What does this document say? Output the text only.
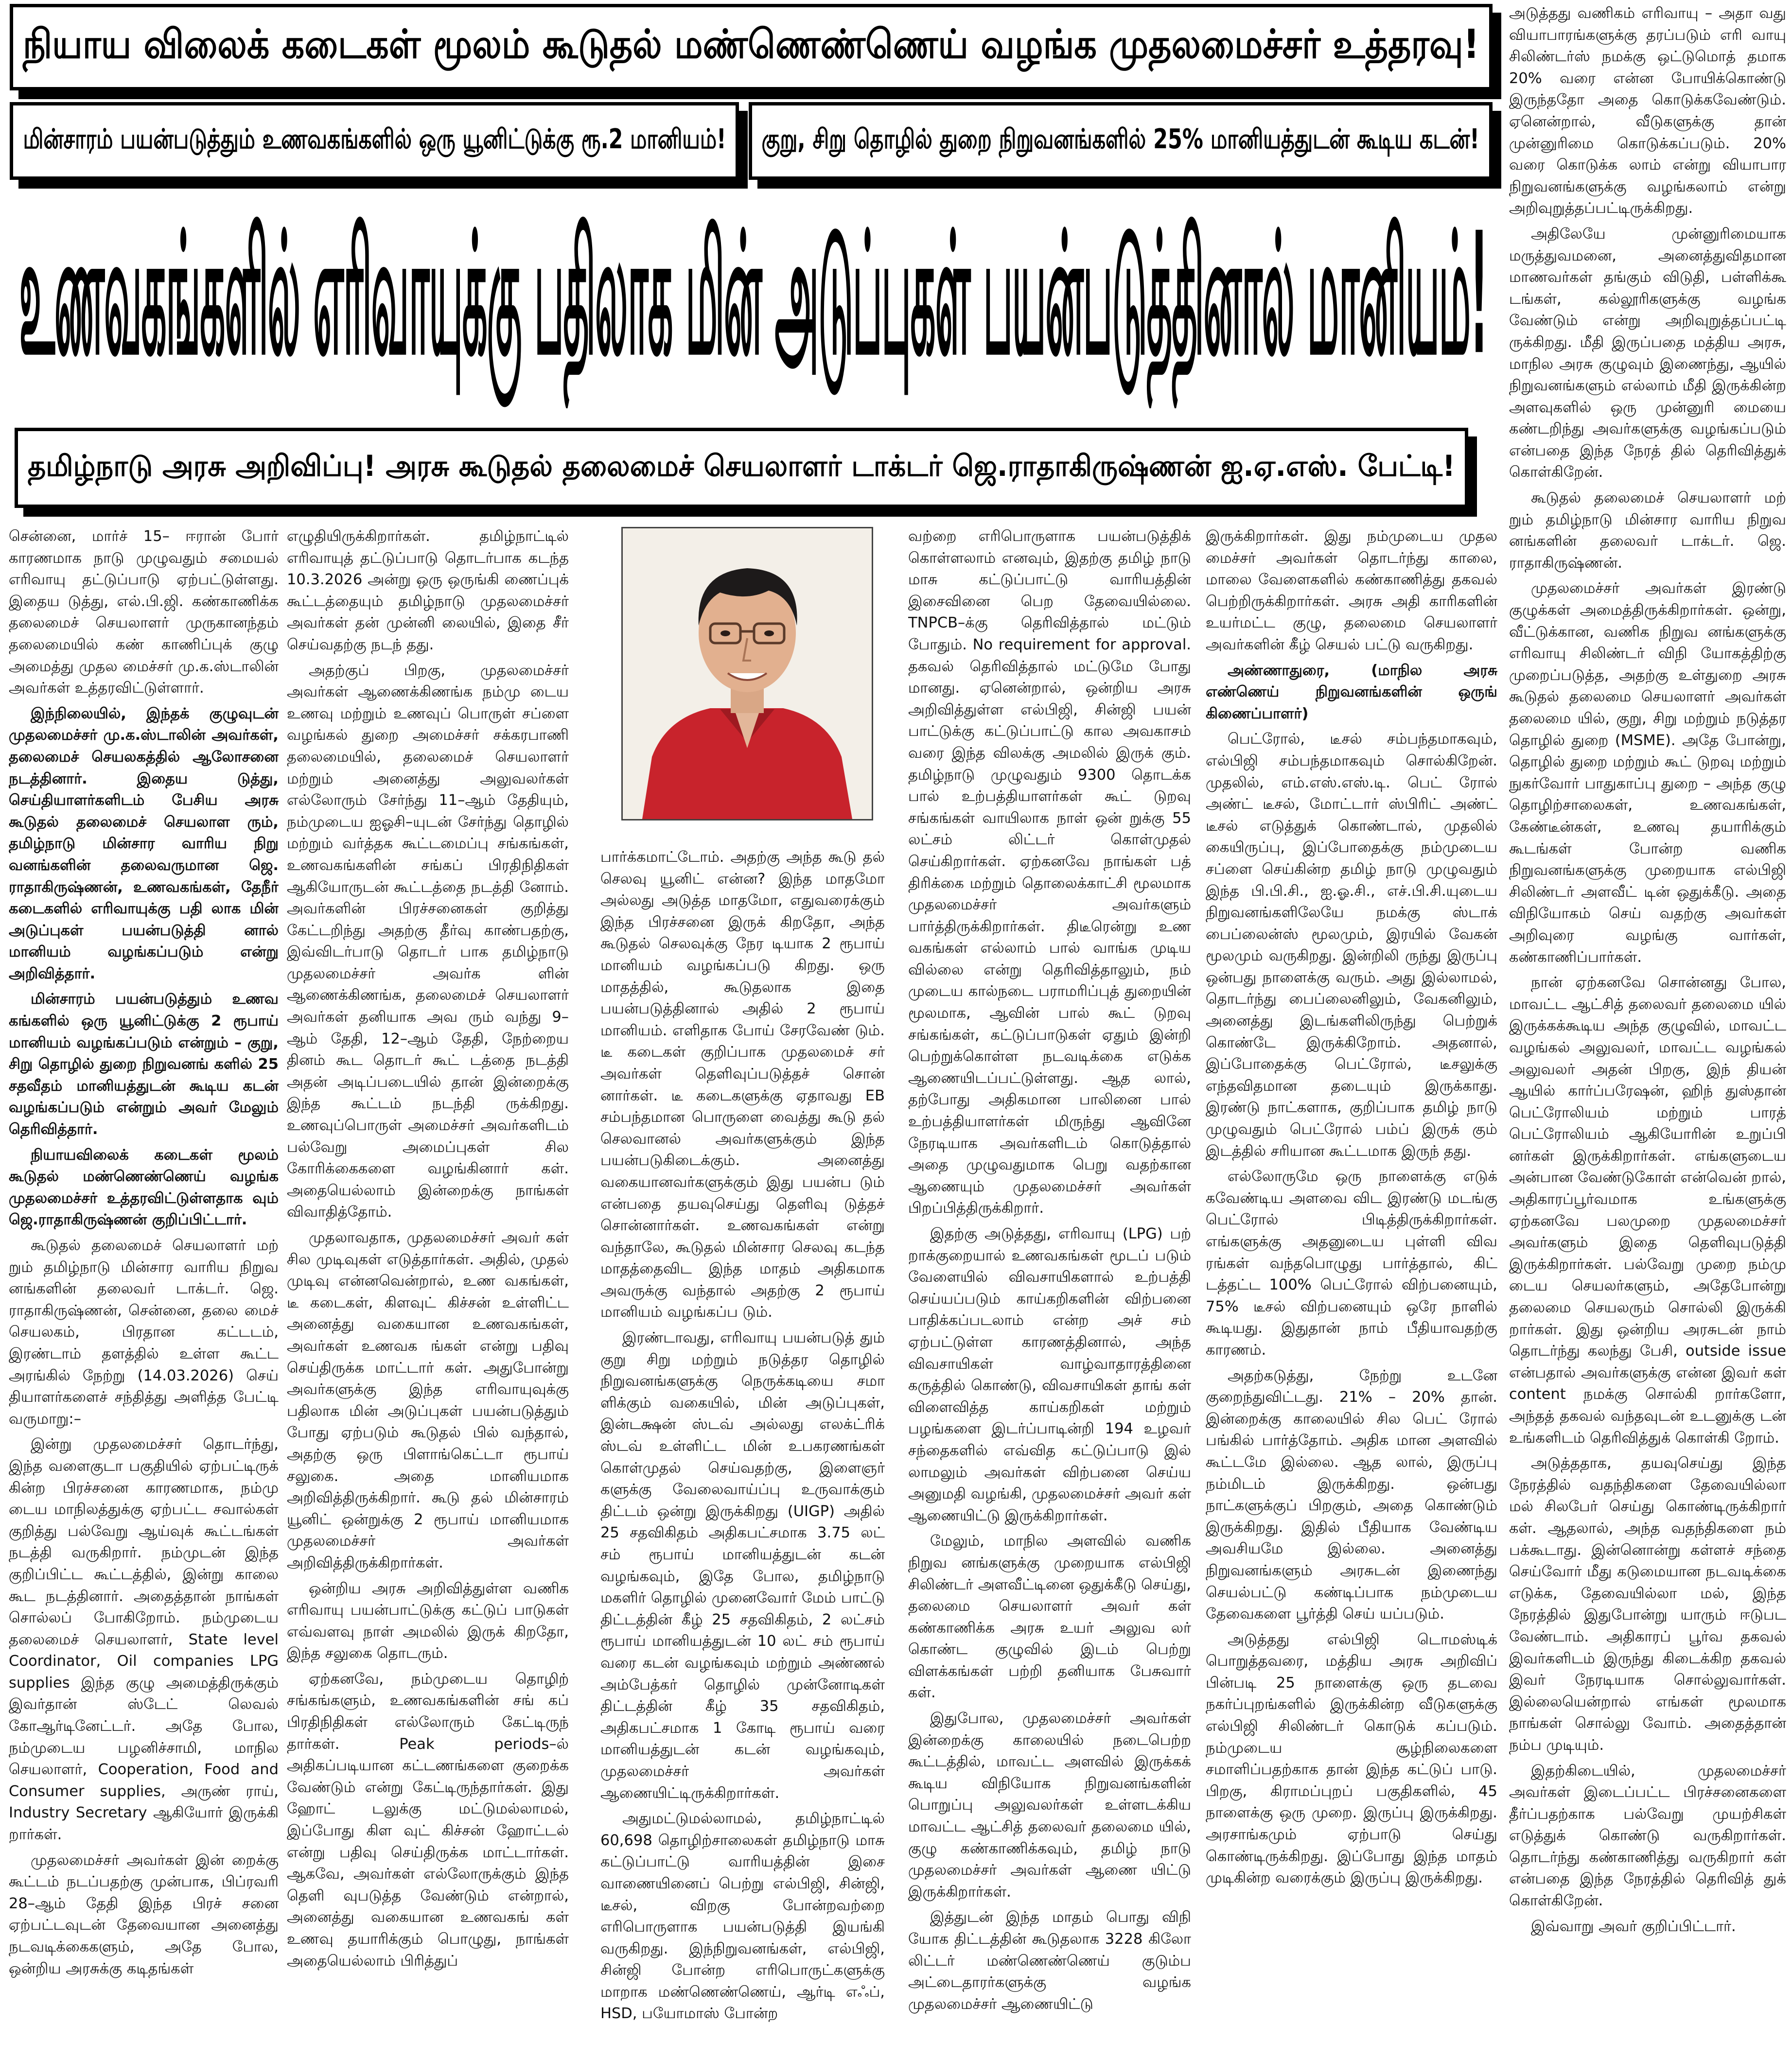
நியாய விலைக் கடைகள் மூலம் கூடுதல் மண்ணெண்ணெய் வழங்க முதலமைச்சர் உத்தரவு!
மின்சாரம் பயன்படுத்தும் உணவகங்களில் ஒரு யூனிட்டுக்கு ரூ.2 மானியம்! குறு, சிறு தொழில் துறை நிறுவனங்களில் 25% மானியத்துடன் கூடிய கடன்!
உணவகங்களில் எரிவாயுக்கு பதிலாக மின் அடுப்புகள் பயன்படுத்தினால் மானியம்!
தமிழ்நாடு அரசு அறிவிப்பு! அரசு கூடுதல் தலைமைச் செயலாளர் டாக்டர் ஜெ.ராதாகிருஷ்ணன் ஐ.ஏ.எஸ். பேட்டி!

சென்னை, மார்ச் 15– ஈரான் போர் காரணமாக நாடு முழுவதும் சமையல் எரிவாயு தட்டுப்பாடு ஏற்பட்டுள்ளது. இதைய டுத்து, எல்.பி.ஜி. கண்காணிக்க தலைமைச் செயலாளர் முருகானந்தம் தலைமையில் கண் காணிப்புக் குழு அமைத்து முதல மைச்சர் மு.க.ஸ்டாலின் அவர்கள் உத்தரவிட்டுள்ளார்.

இந்நிலையில், இந்தக் குழுவுடன் முதலமைச்சர் மு.க.ஸ்டாலின் அவர்கள், தலைமைச் செயலகத்தில் ஆலோசனை நடத்தினார். இதைய டுத்து, செய்தியாளர்களிடம் பேசிய அரசு கூடுதல் தலைமைச் செயலாள ரும், தமிழ்நாடு மின்சார வாரிய நிறு வனங்களின் தலைவருமான ஜெ. ராதாகிருஷ்ணன், உணவகங்கள், தேநீர் கடைகளில் எரிவாயுக்கு பதி லாக மின் அடுப்புகள் பயன்படுத்தி னால் மானியம் வழங்கப்படும் என்று அறிவித்தார்.

மின்சாரம் பயன்படுத்தும் உணவ கங்களில் ஒரு யூனிட்டுக்கு 2 ரூபாய் மானியம் வழங்கப்படும் என்றும் – குறு, சிறு தொழில் துறை நிறுவனங் களில் 25 சதவீதம் மானியத்துடன் கூடிய கடன் வழங்கப்படும் என்றும் அவர் மேலும் தெரிவித்தார்.

நியாயவிலைக் கடைகள் மூலம் கூடுதல் மண்ணெண்ணெய் வழங்க முதலமைச்சர் உத்தரவிட்டுள்ளதாக வும் ஜெ.ராதாகிருஷ்ணன் குறிப்பிட்டார்.

கூடுதல் தலைமைச் செயலாளர் மற் றும் தமிழ்நாடு மின்சார வாரிய நிறுவ னங்களின் தலைவர் டாக்டர். ஜெ. ராதாகிருஷ்ணன், சென்னை, தலை மைச் செயலகம், பிரதான கட்டடம், இரண்டாம் தளத்தில் உள்ள கூட்ட அரங்கில் நேற்று (14.03.2026) செய் தியாளர்களைச் சந்தித்து அளித்த பேட்டி வருமாறு:–

இன்று முதலமைச்சர் தொடர்ந்து, இந்த வளைகுடா பகுதியில் ஏற்பட்டிருக் கின்ற பிரச்சனை காரணமாக, நம்மு டைய மாநிலத்துக்கு ஏற்பட்ட சவால்கள் குறித்து பல்வேறு ஆய்வுக் கூட்டங்கள் நடத்தி வருகிறார். நம்முடன் இந்த குறிப்பிட்ட கூட்டத்தில், இன்று காலை கூட நடத்தினார். அதைத்தான் நாங்கள் சொல்லப் போகிறோம். நம்முடைய தலைமைச் செயலாளர், State level Coordinator, Oil companies LPG supplies இந்த குழு அமைத்திருக்கும் இவர்தான் ஸ்டேட் லெவல் கோஆர்டினேட்டர். அதே போல, நம்முடைய பழனிச்சாமி, மாநில செயலாளர், Cooperation, Food and Consumer supplies, அருண் ராய், Industry Secretary ஆகியோர் இருக்கி றார்கள்.

முதலமைச்சர் அவர்கள் இன் றைக்கு கூட்டம் நடப்பதற்கு முன்பாக, பிப்ரவரி 28–ஆம் தேதி இந்த பிரச் சனை ஏற்பட்டவுடன் தேவையான அனைத்து நடவடிக்கைகளும், அதே போல, ஒன்றிய அரசுக்கு கடிதங்கள்

எழுதியிருக்கிறார்கள். தமிழ்நாட்டில் எரிவாயுத் தட்டுப்பாடு தொடர்பாக கடந்த 10.3.2026 அன்று ஒரு ஒருங்கி ணைப்புக் கூட்டத்தையும் தமிழ்நாடு முதலமைச்சர் அவர்கள் தன் முன்னி லையில், இதை சீர் செய்வதற்கு நடந் தது.

அதற்குப் பிறகு, முதலமைச்சர் அவர்கள் ஆணைக்கிணங்க நம்மு டைய உணவு மற்றும் உணவுப் பொருள் சப்ளை வழங்கல் துறை அமைச்சர் சக்கரபாணி தலைமையில், தலைமைச் செயலாளர் மற்றும் அனைத்து அலுவலர்கள் எல்லோரும் சேர்ந்து 11–ஆம் தேதியும், நம்முடைய ஐஓசி–யுடன் சேர்ந்து தொழில் மற்றும் வர்த்தக கூட்டமைப்பு சங்கங்கள், உணவகங்களின் சங்கப் பிரதிநிதிகள் ஆகியோருடன் கூட்டத்தை நடத்தி னோம். அவர்களின் பிரச்சனைகள் குறித்து கேட்டறிந்து அதற்கு தீர்வு காண்பதற்கு, இவ்விடர்பாடு தொடர் பாக தமிழ்நாடு முதலமைச்சர் அவர்க ளின் ஆணைக்கிணங்க, தலைமைச் செயலாளர் அவர்கள் தனியாக அவ ரும் வந்து 9–ஆம் தேதி, 12–ஆம் தேதி, நேற்றைய தினம் கூட தொடர் கூட் டத்தை நடத்தி அதன் அடிப்படையில் தான் இன்றைக்கு இந்த கூட்டம் நடந்தி ருக்கிறது. உணவுப்பொருள் அமைச்சர் அவர்களிடம் பல்வேறு அமைப்புகள் சில கோரிக்கைகளை வழங்கினார் கள். அதையெல்லாம் இன்றைக்கு நாங்கள் விவாதித்தோம்.

முதலாவதாக, முதலமைச்சர் அவர் கள் சில முடிவுகள் எடுத்தார்கள். அதில், முதல் முடிவு என்னவென்றால், உண வகங்கள், டீ கடைகள், கிளவுட் கிச்சன் உள்ளிட்ட அனைத்து வகையான உணவகங்கள், அவர்கள் உணவக ங்கள் என்று பதிவு செய்திருக்க மாட்டார் கள். அதுபோன்று அவர்களுக்கு இந்த எரிவாயுவுக்கு பதிலாக மின் அடுப்புகள் பயன்படுத்தும் போது ஏற்படும் கூடுதல் பில் வந்தால், அதற்கு ஒரு பிளாங்கெட்டா ரூபாய் சலுகை. அதை மானியமாக அறிவித்திருக்கிறார். கூடு தல் மின்சாரம் யூனிட் ஒன்றுக்கு 2 ரூபாய் மானியமாக முதலமைச்சர் அவர்கள் அறிவித்திருக்கிறார்கள்.

ஒன்றிய அரசு அறிவித்துள்ள வணிக எரிவாயு பயன்பாட்டுக்கு கட்டுப் பாடுகள் எவ்வளவு நாள் அமலில் இருக் கிறதோ, இந்த சலுகை தொடரும்.

ஏற்கனவே, நம்முடைய தொழிற் சங்கங்களும், உணவகங்களின் சங் கப் பிரதிநிதிகள் எல்லோரும் கேட்டிருந் தார்கள். Peak periods–ல் அதிகப்படியான கட்டணங்களை குறைக்க வேண்டும் என்று கேட்டிருந்தார்கள். இது ஹோட் டலுக்கு மட்டுமல்லாமல், இப்போது கிள வுட் கிச்சன் ஹோட்டல் என்று பதிவு செய்திருக்க மாட்டார்கள். ஆகவே, அவர்கள் எல்லோருக்கும் இந்த தெளி வுபடுத்த வேண்டும் என்றால், அனைத்து வகையான உணவகங் கள் உணவு தயாரிக்கும் பொழுது, நாங்கள் அதையெல்லாம் பிரித்துப்

பார்க்கமாட்டோம். அதற்கு அந்த கூடு தல் செலவு யூனிட் என்ன? இந்த மாதமோ அல்லது அடுத்த மாதமோ, எதுவரைக்கும் இந்த பிரச்சனை இருக் கிறதோ, அந்த கூடுதல் செலவுக்கு நேர டியாக 2 ரூபாய் மானியம் வழங்கப்படு கிறது. ஒரு மாதத்தில், கூடுதலாக இதை பயன்படுத்தினால் அதில் 2 ரூபாய் மானியம். எளிதாக போய் சேரவேண் டும். டீ கடைகள் குறிப்பாக முதலமைச் சர் அவர்கள் தெளிவுப்படுத்தச் சொன் னார்கள். டீ கடைகளுக்கு ஏதாவது EB சம்பந்தமான பொருளை வைத்து கூடு தல் செலவானல் அவர்களுக்கும் இந்த பயன்படுகிடைக்கும். அனைத்து வகையானவர்களுக்கும் இது பயன்ப டும் என்பதை தயவுசெய்து தெளிவு டுத்தச் சொன்னார்கள். உணவகங்கள் என்று வந்தாலே, கூடுதல் மின்சார செலவு கடந்த மாதத்தைவிட இந்த மாதம் அதிகமாக அவருக்கு வந்தால் அதற்கு 2 ரூபாய் மானியம் வழங்கப்ப டும்.

இரண்டாவது, எரிவாயு பயன்படுத் தும் குறு சிறு மற்றும் நடுத்தர தொழில் நிறுவனங்களுக்கு நெருக்கடியை சமா ளிக்கும் வகையில், மின் அடுப்புகள், இன்டக்ஷன் ஸ்டவ் அல்லது எலக்ட்ரிக் ஸ்டவ் உள்ளிட்ட மின் உபகரணங்கள் கொள்முதல் செய்வதற்கு, இளைஞர் களுக்கு வேலைவாய்ப்பு உருவாக்கும் திட்டம் ஒன்று இருக்கிறது (UIGP) அதில் 25 சதவிகிதம் அதிகபட்சமாக 3.75 லட் சம் ரூபாய் மானியத்துடன் கடன் வழங்கவும், இதே போல, தமிழ்நாடு மகளிர் தொழில் முனைவோர் மேம் பாட்டு திட்டத்தின் கீழ் 25 சதவிகிதம், 2 லட்சம் ரூபாய் மானியத்துடன் 10 லட் சம் ரூபாய் வரை கடன் வழங்கவும் மற்றும் அண்ணல் அம்பேத்கர் தொழில் முன்னோடிகள் திட்டத்தின் கீழ் 35 சதவிகிதம், அதிகபட்சமாக 1 கோடி ரூபாய் வரை மானியத்துடன் கடன் வழங்கவும், முதலமைச்சர் அவர்கள் ஆணையிட்டிருக்கிறார்கள்.

அதுமட்டுமல்லாமல், தமிழ்நாட்டில் 60,698 தொழிற்சாலைகள் தமிழ்நாடு மாசு கட்டுப்பாட்டு வாரியத்தின் இசை வாணையினைப் பெற்று எல்பிஜி, சின்ஜி, டீசல், விறகு போன்றவற்றை எரிபொருளாக பயன்படுத்தி இயங்கி வருகிறது. இந்நிறுவனங்கள், எல்பிஜி, சின்ஜி போன்ற எரிபொருட்களுக்கு மாறாக மண்ணெண்ணெய், ஆர்டி எஃப், HSD, பயோமாஸ் போன்ற

வற்றை எரிபொருளாக பயன்படுத்திக் கொள்ளலாம் எனவும், இதற்கு தமிழ் நாடு மாசு கட்டுப்பாட்டு வாரியத்தின் இசைவினை பெற தேவையில்லை. TNPCB–க்கு தெரிவித்தால் மட்டும் போதும். No requirement for approval. தகவல் தெரிவித்தால் மட்டுமே போது மானது. ஏனென்றால், ஒன்றிய அரசு அறிவித்துள்ள எல்பிஜி, சின்ஜி பயன் பாட்டுக்கு கட்டுப்பாட்டு கால அவகாசம் வரை இந்த விலக்கு அமலில் இருக் கும். தமிழ்நாடு முழுவதும் 9300 தொடக்க பால் உற்பத்தியாளர்கள் கூட் டுறவு சங்கங்கள் வாயிலாக நாள் ஒன் றுக்கு 55 லட்சம் லிட்டர் கொள்முதல் செய்கிறார்கள். ஏற்கனவே நாங்கள் பத் திரிக்கை மற்றும் தொலைக்காட்சி மூலமாக முதலமைச்சர் அவர்களும் பார்த்திருக்கிறார்கள். திடீரென்று உண வகங்கள் எல்லாம் பால் வாங்க முடிய வில்லை என்று தெரிவித்தாலும், நம் முடைய கால்நடை பராமரிப்புத் துறையின் மூலமாக, ஆவின் பால் கூட் டுறவு சங்கங்கள், கட்டுப்பாடுகள் ஏதும் இன்றி பெற்றுக்கொள்ள நடவடிக்கை எடுக்க ஆணையிடப்பட்டுள்ளது. ஆத லால், தற்போது அதிகமான பாலினை பால் உற்பத்தியாளர்கள் மிருந்து ஆவினே நேரடியாக அவர்களிடம் கொடுத்தால் அதை முழுவதுமாக பெறு வதற்கான ஆணையும் முதலமைச்சர் அவர்கள் பிறப்பித்திருக்கிறார்.

இதற்கு அடுத்தது, எரிவாயு (LPG) பற் றாக்குறையால் உணவகங்கள் மூடப் படும் வேளையில் விவசாயிகளால் உற்பத்தி செய்யப்படும் காய்கறிகளின் விற்பனை பாதிக்கப்படலாம் என்ற அச் சம் ஏற்பட்டுள்ள காரணத்தினால், அந்த விவசாயிகள் வாழ்வாதாரத்தினை கருத்தில் கொண்டு, விவசாயிகள் தாங் கள் விளைவித்த காய்கறிகள் மற்றும் பழங்களை இடர்ப்பாடின்றி 194 உழவர் சந்தைகளில் எவ்வித கட்டுப்பாடு இல் லாமலும் அவர்கள் விற்பனை செய்ய அனுமதி வழங்கி, முதலமைச்சர் அவர் கள் ஆணையிட்டு இருக்கிறார்கள்.

மேலும், மாநில அளவில் வணிக நிறுவ னங்களுக்கு முறையாக எல்பிஜி சிலிண்டர் அளவீட்டினை ஒதுக்கீடு செய்து, தலைமை செயலாளர் அவர் கள் கண்காணிக்க அரசு உயர் அலுவ லர் கொண்ட குழுவில் இடம் பெற்று விளக்கங்கள் பற்றி தனியாக பேசுவார் கள்.

இதுபோல, முதலமைச்சர் அவர்கள் இன்றைக்கு காலையில் நடைபெற்ற கூட்டத்தில், மாவட்ட அளவில் இருக்கக் கூடிய விநியோக நிறுவனங்களின் பொறுப்பு அலுவலர்கள் உள்ளடக்கிய மாவட்ட ஆட்சித் தலைவர் தலைமை யில், குழு கண்காணிக்கவும், தமிழ் நாடு முதலமைச்சர் அவர்கள் ஆணை யிட்டு இருக்கிறார்கள்.

இத்துடன் இந்த மாதம் பொது விநி யோக திட்டத்தின் கூடுதலாக 3228 கிலோ லிட்டர் மண்ணெண்ணெய் குடும்ப அட்டைதாரர்களுக்கு வழங்க முதலமைச்சர் ஆணையிட்டு

இருக்கிறார்கள். இது நம்முடைய முதல மைச்சர் அவர்கள் தொடர்ந்து காலை, மாலை வேளைகளில் கண்காணித்து தகவல் பெற்றிருக்கிறார்கள். அரசு அதி காரிகளின் உயர்மட்ட குழு, தலைமை செயலாளர் அவர்களின் கீழ் செயல் பட்டு வருகிறது.

அண்ணாதுரை, (மாநில அரசு எண்ணெய் நிறுவனங்களின் ஒருங் கிணைப்பாளர்)

பெட்ரோல், டீசல் சம்பந்தமாகவும், எல்பிஜி சம்பந்தமாகவும் சொல்கிறேன். முதலில், எம்.எஸ்.எஸ்.டி. பெட் ரோல் அண்ட் டீசல், மோட்டார் ஸ்பிரிட் அண்ட் டீசல் எடுத்துக் கொண்டால், முதலில் கையிருப்பு, இப்போதைக்கு நம்முடைய சப்ளை செய்கின்ற தமிழ் நாடு முழுவதும் இந்த பி.பி.சி., ஐ.ஓ.சி., எச்.பி.சி.யுடைய நிறுவனங்களிலேயே நமக்கு ஸ்டாக் பைப்லைன்ஸ் மூலமும், இரயில் வேகன் மூலமும் வருகிறது. இன்றிலி ருந்து இருப்பு ஒன்பது நாளைக்கு வரும். அது இல்லாமல், தொடர்ந்து பைப்லைனிலும், வேகனிலும், அனைத்து இடங்களிலிருந்து பெற்றுக் கொண்டே இருக்கிறோம். அதனால், இப்போதைக்கு பெட்ரோல், டீசலுக்கு எந்தவிதமான தடையும் இருக்காது. இரண்டு நாட்களாக, குறிப்பாக தமிழ் நாடு முழுவதும் பெட்ரோல் பம்ப் இருக் கும் இடத்தில் சரியான கூட்டமாக இருந் தது.

எல்லோருமே ஒரு நாளைக்கு எடுக் கவேண்டிய அளவை விட இரண்டு மடங்கு பெட்ரோல் பிடித்திருக்கிறார்கள். எங்களுக்கு அதனுடைய புள்ளி விவ ரங்கள் வந்தபொழுது பார்த்தால், கிட் டத்தட்ட 100% பெட்ரோல் விற்பனையும், 75% டீசல் விற்பனையும் ஒரே நாளில் கூடியது. இதுதான் நாம் பீதியாவதற்கு காரணம்.

அதற்கடுத்து, நேற்று உடனே குறைந்துவிட்டது. 21% – 20% தான். இன்றைக்கு காலையில் சில பெட் ரோல் பங்கில் பார்த்தோம். அதிக மான அளவில் கூட்டமே இல்லை. ஆத லால், இருப்பு நம்மிடம் இருக்கிறது. ஒன்பது நாட்களுக்குப் பிறகும், அதை கொண்டும் இருக்கிறது. இதில் பீதியாக வேண்டிய அவசியமே இல்லை. அனைத்து நிறுவனங்களும் அரசுடன் இணைந்து செயல்பட்டு கண்டிப்பாக நம்முடைய தேவைகளை பூர்த்தி செய் யப்படும்.

அடுத்தது எல்பிஜி டொமஸ்டிக் பொறுத்தவரை, மத்திய அரசு அறிவிப் பின்படி 25 நாளைக்கு ஒரு தடவை நகர்ப்புறங்களில் இருக்கின்ற வீடுகளுக்கு எல்பிஜி சிலிண்டர் கொடுக் கப்படும். நம்முடைய சூழ்நிலைகளை சமாளிப்பதற்காக தான் இந்த கட்டுப் பாடு. பிறகு, கிராமப்புறப் பகுதிகளில், 45 நாளைக்கு ஒரு முறை. இருப்பு இருக்கிறது. அரசாங்கமும் ஏற்பாடு செய்து கொண்டிருக்கிறது. இப்போது இந்த மாதம் முடிகின்ற வரைக்கும் இருப்பு இருக்கிறது.

அடுத்தது வணிகம் எரிவாயு – அதா வது வியாபாரங்களுக்கு தரப்படும் எரி வாயு சிலிண்டர்ஸ் நமக்கு ஒட்டுமொத் தமாக 20% வரை என்ன போயிக்கொண்டு இருந்ததோ அதை கொடுக்கவேண்டும். ஏனென்றால், வீடுகளுக்கு தான் முன்னுரிமை கொடுக்கப்படும். 20% வரை கொடுக்க லாம் என்று வியாபார நிறுவனங்களுக்கு வழங்கலாம் என்று அறிவுறுத்தப்பட்டிருக்கிறது.

அதிலேயே முன்னுரிமையாக மருத்துவமனை, அனைத்துவிதமான மாணவர்கள் தங்கும் விடுதி, பள்ளிக்கூ டங்கள், கல்லூரிகளுக்கு வழங்க வேண்டும் என்று அறிவுறுத்தப்பட்டி ருக்கிறது. மீதி இருப்பதை மத்திய அரசு, மாநில அரசு குழுவும் இணைந்து, ஆயில் நிறுவனங்களும் எல்லாம் மீதி இருக்கின்ற அளவுகளில் ஒரு முன்னுரி மையை கண்டறிந்து அவர்களுக்கு வழங்கப்படும் என்பதை இந்த நேரத் தில் தெரிவித்துக் கொள்கிறேன்.

கூடுதல் தலைமைச் செயலாளர் மற் றும் தமிழ்நாடு மின்சார வாரிய நிறுவ னங்களின் தலைவர் டாக்டர். ஜெ. ராதாகிருஷ்ணன்.

முதலமைச்சர் அவர்கள் இரண்டு குழுக்கள் அமைத்திருக்கிறார்கள். ஒன்று, வீட்டுக்கான, வணிக நிறுவ னங்களுக்கு எரிவாயு சிலிண்டர் விநி யோகத்திற்கு முறைப்படுத்த, அதற்கு உள்துறை அரசு கூடுதல் தலைமை செயலாளர் அவர்கள் தலைமை யில், குறு, சிறு மற்றும் நடுத்தர தொழில் துறை (MSME). அதே போன்று, தொழில் துறை மற்றும் கூட் டுறவு மற்றும் நுகர்வோர் பாதுகாப்பு துறை – அந்த குழு தொழிற்சாலைகள், உணவகங்கள், கேண்டீன்கள், உணவு தயாரிக்கும் கூடங்கள் போன்ற வணிக நிறுவனங்களுக்கு முறையாக எல்பிஜி சிலிண்டர் அளவீட் டின் ஒதுக்கீடு. அதை விநியோகம் செய் வதற்கு அவர்கள் அறிவுரை வழங்கு வார்கள், கண்காணிப்பார்கள்.

நான் ஏற்கனவே சொன்னது போல, மாவட்ட ஆட்சித் தலைவர் தலைமை யில் இருக்கக்கூடிய அந்த குழுவில், மாவட்ட வழங்கல் அலுவலர், மாவட்ட வழங்கல் அலுவலர் அதன் பிறகு, இந் தியன் ஆயில் கார்ப்பரேஷன், ஹிந் துஸ்தான் பெட்ரோலியம் மற்றும் பாரத் பெட்ரோலியம் ஆகியோரின் உறுப்பி னர்கள் இருக்கிறார்கள். எங்களுடைய அன்பான வேண்டுகோள் என்வென் றால், அதிகாரப்பூர்வமாக உங்களுக்கு ஏற்கனவே பலமுறை முதலமைச்சர் அவர்களும் இதை தெளிவுபடுத்தி இருக்கிறார்கள். பல்வேறு முறை நம்மு டைய செயலர்களும், அதேபோன்று தலைமை செயலரும் சொல்லி இருக்கி றார்கள். இது ஒன்றிய அரசுடன் நாம் தொடர்ந்து கலந்து பேசி, outside issue என்பதால் அவர்களுக்கு என்ன இவர் கள் content நமக்கு சொல்கி றார்களோ, அந்தத் தகவல் வந்தவுடன் உடனுக்கு டன் உங்களிடம் தெரிவித்துக் கொள்கி றோம்.

அடுத்ததாக, தயவுசெய்து இந்த நேரத்தில் வதந்திகளை தேவையில்லா மல் சிலபேர் செய்து கொண்டிருக்கிறார் கள். ஆதலால், அந்த வதந்திகளை நம் பக்கூடாது. இன்னொன்று கள்ளச் சந்தை செய்வோர் மீது கடுமையான நடவடிக்கை எடுக்க, தேவையில்லா மல், இந்த நேரத்தில் இதுபோன்று யாரும் ஈடுபட வேண்டாம். அதிகாரப் பூர்வ தகவல் இவர்களிடம் இருந்து கிடைக்கிற தகவல் இவர் நேரடியாக சொல்லுவார்கள். இல்லையென்றால் எங்கள் மூலமாக நாங்கள் சொல்லு வோம். அதைத்தான் நம்ப முடியும்.

இதற்கிடையில், முதலமைச்சர் அவர்கள் இடைப்பட்ட பிரச்சனைகளை தீர்ப்பதற்காக பல்வேறு முயற்சிகள் எடுத்துக் கொண்டு வருகிறார்கள். தொடர்ந்து கண்காணித்து வருகிறார் கள் என்பதை இந்த நேரத்தில் தெரிவித் துக் கொள்கிறேன்.

இவ்வாறு அவர் குறிப்பிட்டார்.
